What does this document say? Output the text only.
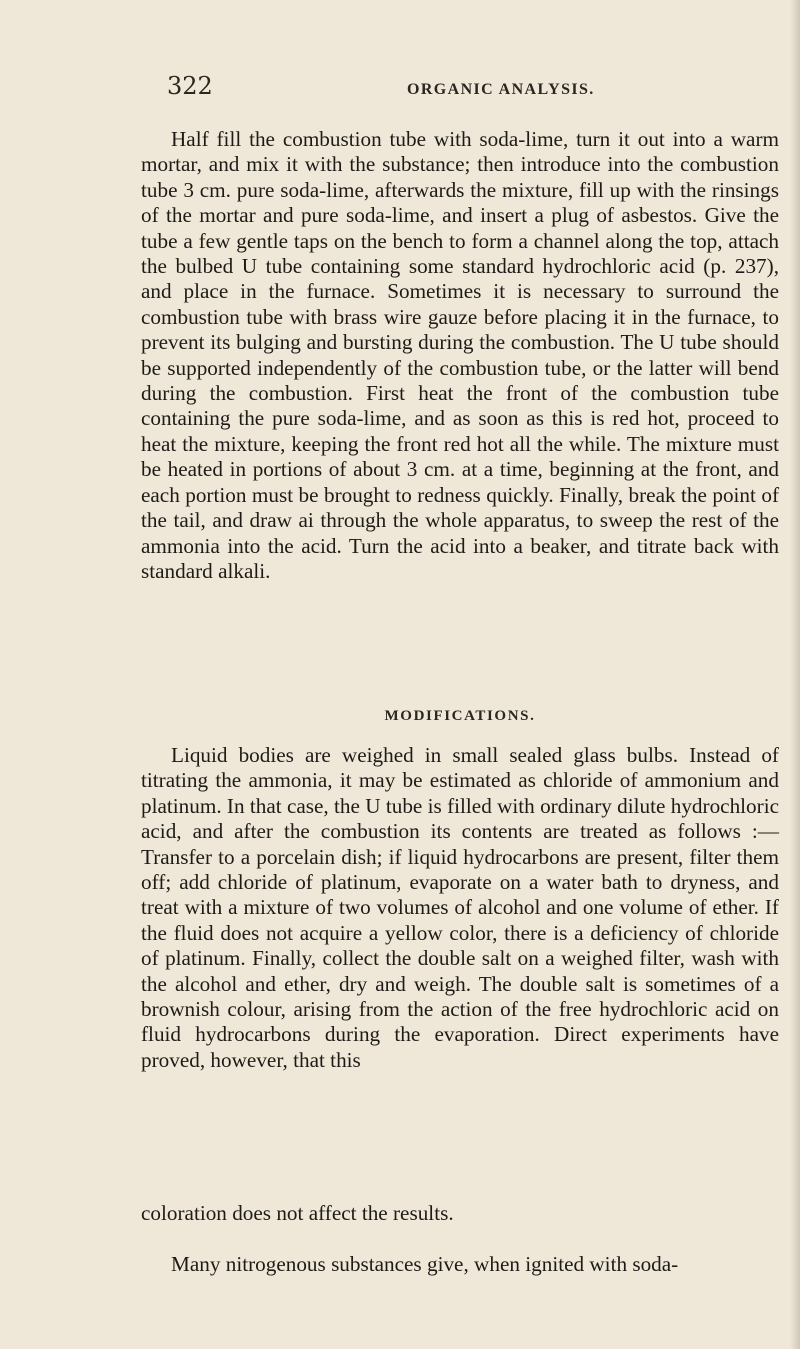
322	ORGANIC ANALYSIS.

Half fill the combustion tube with soda-lime, turn it out into a warm mortar, and mix it with the substance; then introduce into the combustion tube 3 cm. pure soda-lime, afterwards the mixture, fill up with the rinsings of the mortar and pure soda-lime, and insert a plug of asbestos. Give the tube a few gentle taps on the bench to form a channel along the top, attach the bulbed U tube containing some standard hydrochloric acid (p. 237), and place in the furnace. Sometimes it is necessary to surround the combustion tube with brass wire gauze before placing it in the furnace, to prevent its bulging and bursting during the combustion. The U tube should be supported independently of the combustion tube, or the latter will bend during the combustion. First heat the front of the combustion tube containing the pure soda-lime, and as soon as this is red hot, proceed to heat the mixture, keeping the front red hot all the while. The mixture must be heated in portions of about 3 cm. at a time, beginning at the front, and each portion must be brought to redness quickly. Finally, break the point of the tail, and draw ai through the whole apparatus, to sweep the rest of the ammonia into the acid. Turn the acid into a beaker, and titrate back with standard alkali.

MODIFICATIONS.

Liquid bodies are weighed in small sealed glass bulbs. Instead of titrating the ammonia, it may be estimated as chloride of ammonium and platinum. In that case, the U tube is filled with ordinary dilute hydrochloric acid, and after the combustion its contents are treated as follows :—Transfer to a porcelain dish; if liquid hydrocarbons are present, filter them off; add chloride of platinum, evaporate on a water bath to dryness, and treat with a mixture of two volumes of alcohol and one volume of ether. If the fluid does not acquire a yellow color, there is a deficiency of chloride of platinum. Finally, collect the double salt on a weighed filter, wash with the alcohol and ether, dry and weigh. The double salt is sometimes of a brownish colour, arising from the action of the free hydrochloric acid on fluid hydrocarbons during the evaporation. Direct experiments have proved, however, that this

coloration does not affect the results.

Many nitrogenous substances give, when ignited with soda-
